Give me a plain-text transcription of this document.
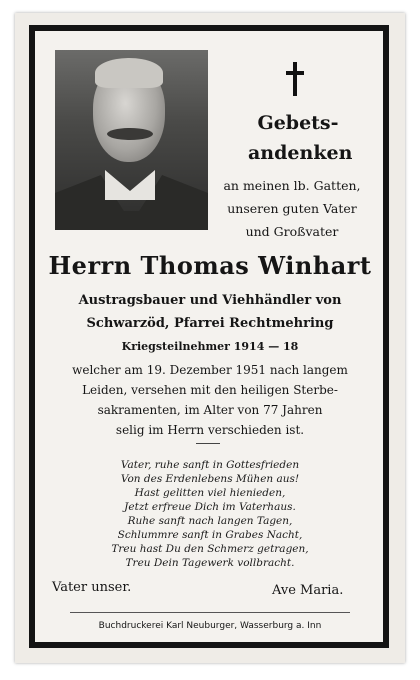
Gebets-
andenken
an meinen lb. Gatten,
unseren guten Vater
und Großvater
Herrn Thomas Winhart
Austragsbauer und Viehhändler von
Schwarzöd, Pfarrei Rechtmehring
Kriegsteilnehmer 1914 — 18
welcher am 19. Dezember 1951 nach langem
Leiden, versehen mit den heiligen Sterbe-
sakramenten, im Alter von 77 Jahren
selig im Herrn verschieden ist.
Vater, ruhe sanft in Gottesfrieden
Von des Erdenlebens Mühen aus!
Hast gelitten viel hienieden,
Jetzt erfreue Dich im Vaterhaus.
Ruhe sanft nach langen Tagen,
Schlummre sanft in Grabes Nacht,
Treu hast Du den Schmerz getragen,
Treu Dein Tagewerk vollbracht.
Vater unser.	Ave Maria.
Buchdruckerei Karl Neuburger, Wasserburg a. Inn
